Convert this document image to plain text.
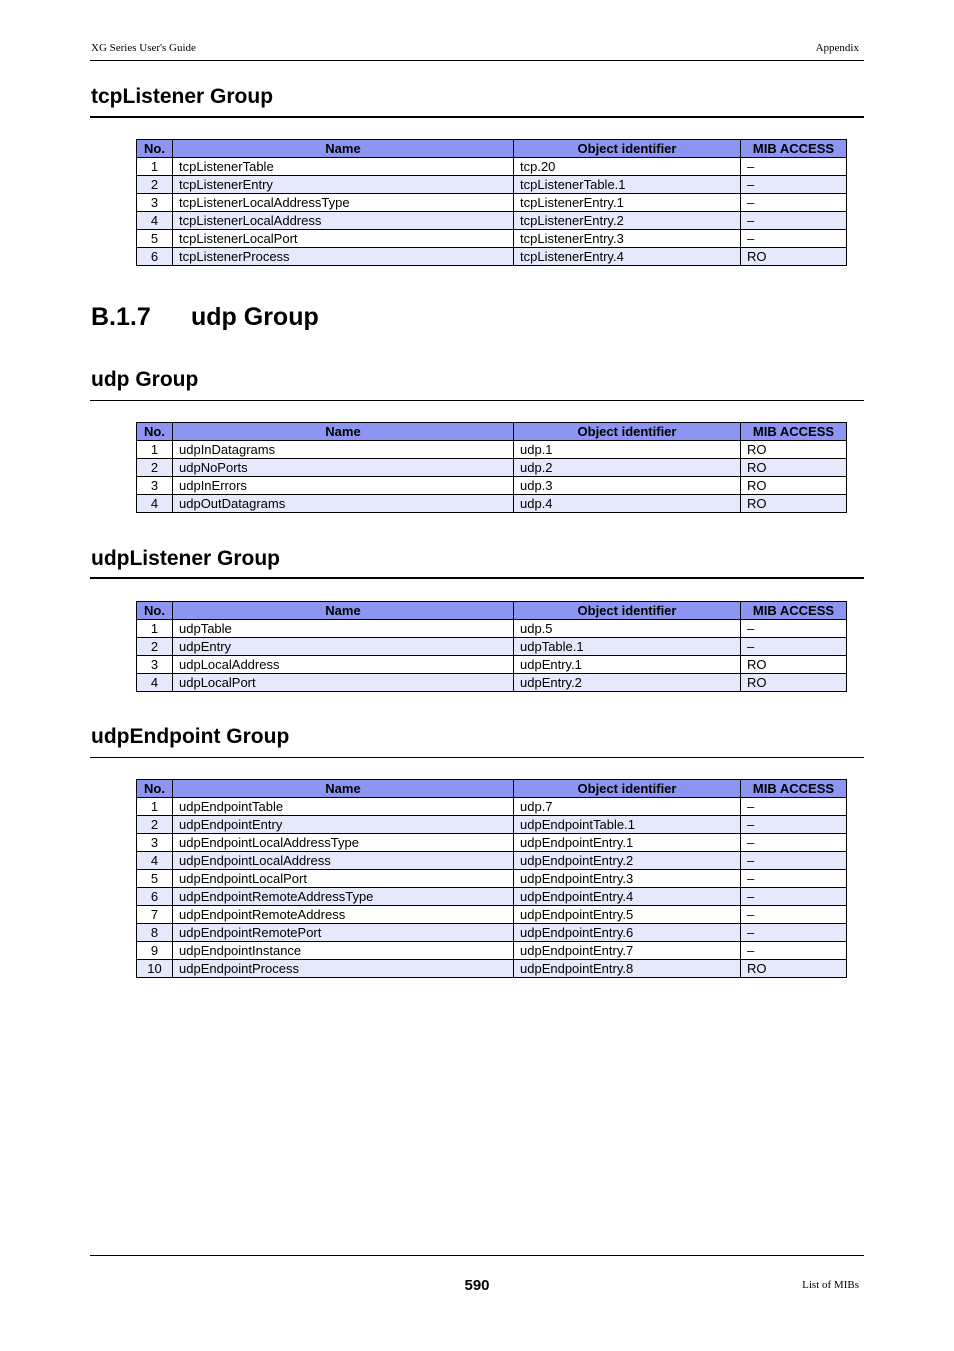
XG Series User's Guide	Appendix
tcpListener Group
No.	Name	Object identifier	MIB ACCESS
1	tcpListenerTable	tcp.20	–
2	tcpListenerEntry	tcpListenerTable.1	–
3	tcpListenerLocalAddressType	tcpListenerEntry.1	–
4	tcpListenerLocalAddress	tcpListenerEntry.2	–
5	tcpListenerLocalPort	tcpListenerEntry.3	–
6	tcpListenerProcess	tcpListenerEntry.4	RO
B.1.7 udp Group
udp Group
No.	Name	Object identifier	MIB ACCESS
1	udpInDatagrams	udp.1	RO
2	udpNoPorts	udp.2	RO
3	udpInErrors	udp.3	RO
4	udpOutDatagrams	udp.4	RO
udpListener Group
No.	Name	Object identifier	MIB ACCESS
1	udpTable	udp.5	–
2	udpEntry	udpTable.1	–
3	udpLocalAddress	udpEntry.1	RO
4	udpLocalPort	udpEntry.2	RO
udpEndpoint Group
No.	Name	Object identifier	MIB ACCESS
1	udpEndpointTable	udp.7	–
2	udpEndpointEntry	udpEndpointTable.1	–
3	udpEndpointLocalAddressType	udpEndpointEntry.1	–
4	udpEndpointLocalAddress	udpEndpointEntry.2	–
5	udpEndpointLocalPort	udpEndpointEntry.3	–
6	udpEndpointRemoteAddressType	udpEndpointEntry.4	–
7	udpEndpointRemoteAddress	udpEndpointEntry.5	–
8	udpEndpointRemotePort	udpEndpointEntry.6	–
9	udpEndpointInstance	udpEndpointEntry.7	–
10	udpEndpointProcess	udpEndpointEntry.8	RO
590	List of MIBs
